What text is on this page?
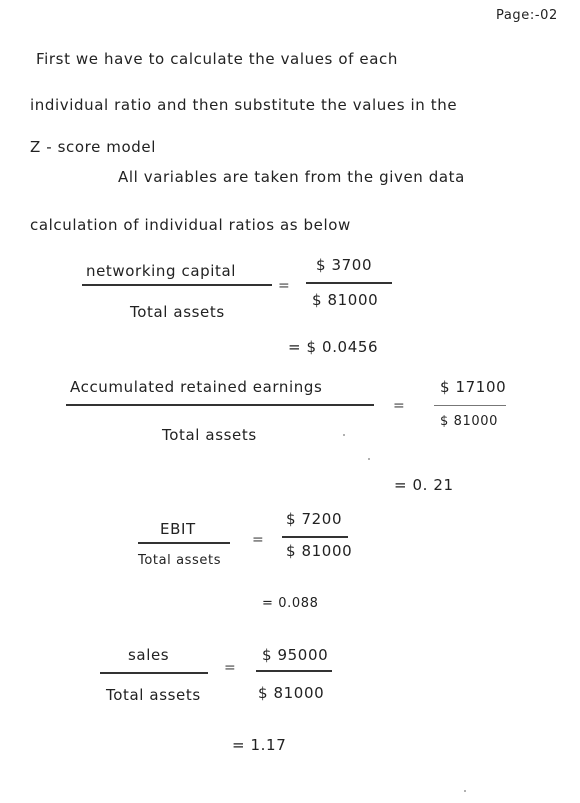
Page:-02
First we have to calculate the values of each
individual ratio and then substitute the values in the
Z - score model
All variables are taken from the given data
calculation of individual ratios as below
networking capital
Total assets
=
$ 3700
$ 81000
= $ 0.0456
Accumulated retained earnings
Total assets
=
$ 17100
$ 81000
= 0. 21
EBIT
Total assets
=
$ 7200
$ 81000
= 0.088
sales
Total assets
=
$ 95000
$ 81000
= 1.17
